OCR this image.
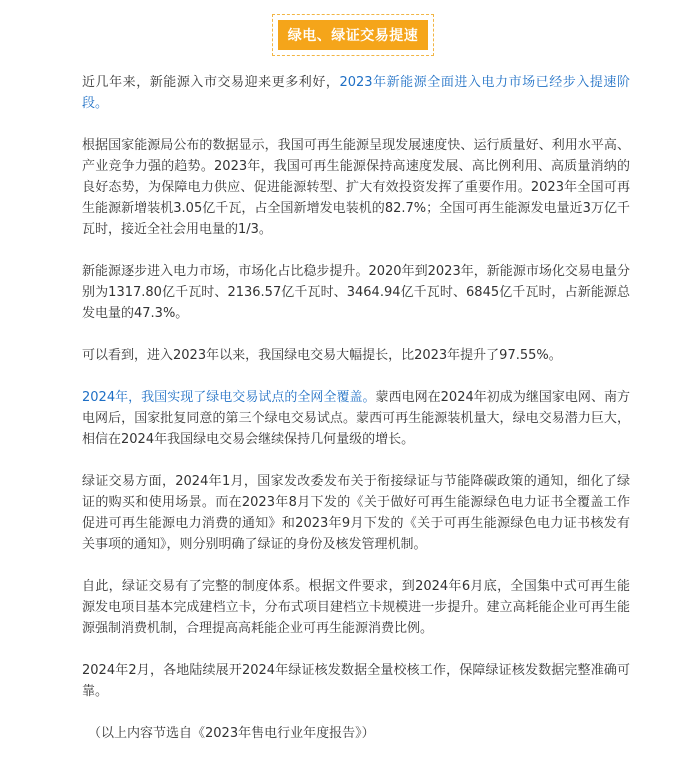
绿电、绿证交易提速

近几年来，新能源入市交易迎来更多利好，2023年新能源全面进入电力市场已经步入提速阶段。

根据国家能源局公布的数据显示，我国可再生能源呈现发展速度快、运行质量好、利用水平高、产业竞争力强的趋势。2023年，我国可再生能源保持高速度发展、高比例利用、高质量消纳的良好态势，为保障电力供应、促进能源转型、扩大有效投资发挥了重要作用。2023年全国可再生能源新增装机3.05亿千瓦，占全国新增发电装机的82.7%；全国可再生能源发电量近3万亿千瓦时，接近全社会用电量的1/3。

新能源逐步进入电力市场，市场化占比稳步提升。2020年到2023年，新能源市场化交易电量分别为1317.80亿千瓦时、2136.57亿千瓦时、3464.94亿千瓦时、6845亿千瓦时，占新能源总发电量的47.3%。

可以看到，进入2023年以来，我国绿电交易大幅提长，比2023年提升了97.55%。

2024年，我国实现了绿电交易试点的全网全覆盖。蒙西电网在2024年初成为继国家电网、南方电网后，国家批复同意的第三个绿电交易试点。蒙西可再生能源装机量大，绿电交易潜力巨大，相信在2024年我国绿电交易会继续保持几何量级的增长。

绿证交易方面，2024年1月，国家发改委发布关于衔接绿证与节能降碳政策的通知，细化了绿证的购买和使用场景。而在2023年8月下发的《关于做好可再生能源绿色电力证书全覆盖工作促进可再生能源电力消费的通知》和2023年9月下发的《关于可再生能源绿色电力证书核发有关事项的通知》，则分别明确了绿证的身份及核发管理机制。

自此，绿证交易有了完整的制度体系。根据文件要求，到2024年6月底，全国集中式可再生能源发电项目基本完成建档立卡，分布式项目建档立卡规模进一步提升。建立高耗能企业可再生能源强制消费机制，合理提高高耗能企业可再生能源消费比例。

2024年2月，各地陆续展开2024年绿证核发数据全量校核工作，保障绿证核发数据完整准确可靠。

（以上内容节选自《2023年售电行业年度报告》）
